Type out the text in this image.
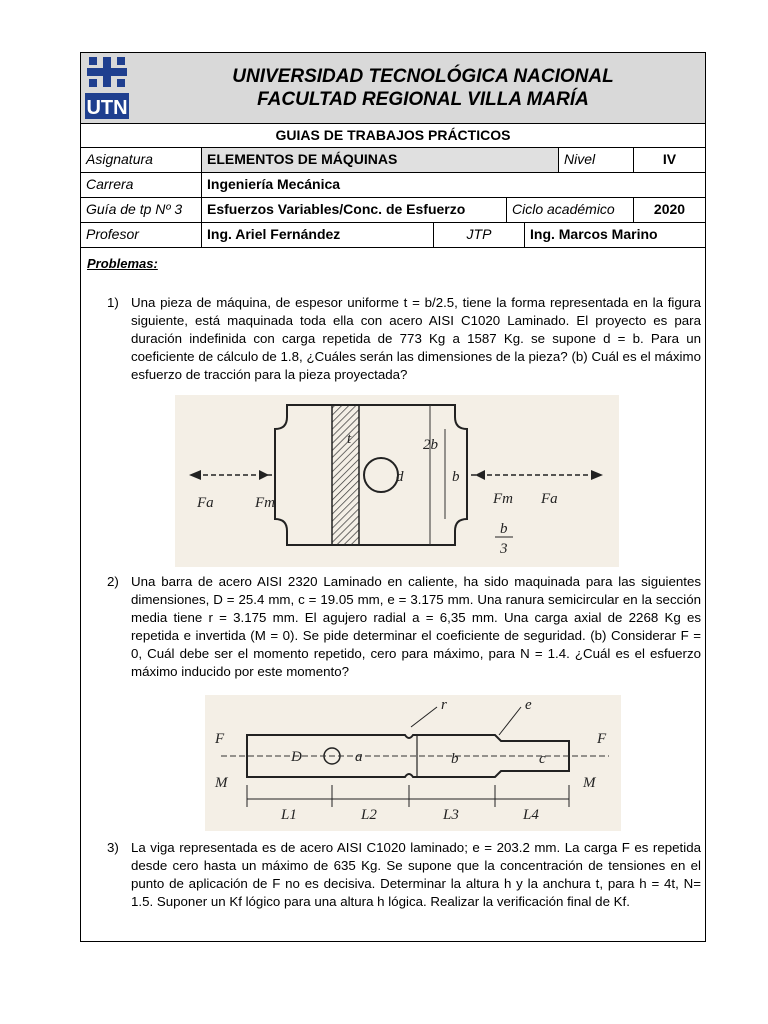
UTN
UNIVERSIDAD TECNOLÓGICA NACIONAL
FACULTAD REGIONAL VILLA MARÍA
GUIAS DE TRABAJOS PRÁCTICOS
Asignatura	ELEMENTOS DE MÁQUINAS	Nivel	IV
Carrera	Ingeniería Mecánica
Guía de tp Nº 3	Esfuerzos Variables/Conc. de Esfuerzo	Ciclo académico	2020
Profesor	Ing. Ariel Fernández	JTP	Ing. Marcos Marino
Problemas:
1) Una pieza de máquina, de espesor uniforme t = b/2.5, tiene la forma representada en la figura siguiente, está maquinada toda ella con acero AISI C1020 Laminado. El proyecto es para duración indefinida con carga repetida de 773 Kg a 1587 Kg. se supone d = b. Para un coeficiente de cálculo de 1.8, ¿Cuáles serán las dimensiones de la pieza? (b) Cuál es el máximo esfuerzo de tracción para la pieza proyectada?
t	2b
d	b
Fa	Fm	Fm Fa
b
3
2) Una barra de acero AISI 2320 Laminado en caliente, ha sido maquinada para las siguientes dimensiones, D = 25.4 mm, c = 19.05 mm, e = 3.175 mm. Una ranura semicircular en la sección media tiene r = 3.175 mm. El agujero radial a = 6,35 mm. Una carga axial de 2268 Kg es repetida e invertida (M = 0). Se pide determinar el coeficiente de seguridad. (b) Considerar F = 0, Cuál debe ser el momento repetido, cero para máximo, para N = 1.4. ¿Cuál es el esfuerzo máximo inducido por este momento?
r	e
F	F
D	a	b	c
M	M
L1	L2	L3	L4
3) La viga representada es de acero AISI C1020 laminado; e = 203.2 mm. La carga F es repetida desde cero hasta un máximo de 635 Kg. Se supone que la concentración de tensiones en el punto de aplicación de F no es decisiva. Determinar la altura h y la anchura t, para h = 4t, N= 1.5. Suponer un Kf lógico para una altura h lógica. Realizar la verificación final de Kf.
